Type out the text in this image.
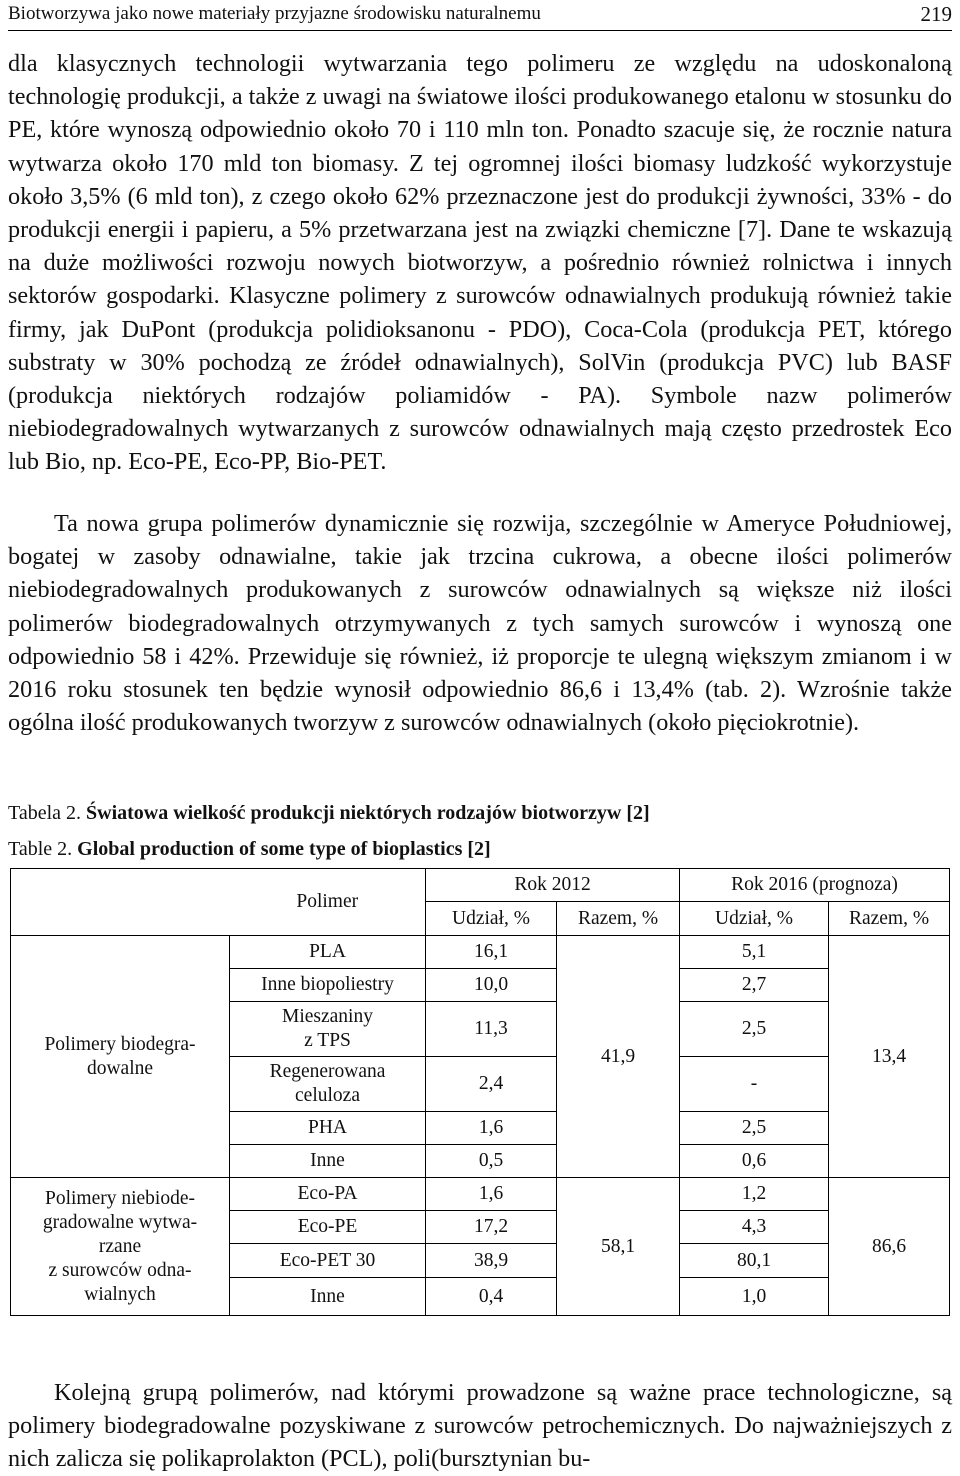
Biotworzywa jako nowe materiały przyjazne środowisku naturalnemu	219

dla klasycznych technologii wytwarzania tego polimeru ze względu na udoskonaloną technologię produkcji, a także z uwagi na światowe ilości produkowanego etalonu w stosunku do PE, które wynoszą odpowiednio około 70 i 110 mln ton. Ponadto szacuje się, że rocznie natura wytwarza około 170 mld ton biomasy. Z tej ogromnej ilości biomasy ludzkość wykorzystuje około 3,5% (6 mld ton), z czego około 62% przeznaczone jest do produkcji żywności, 33% - do produkcji energii i papieru, a 5% przetwarzana jest na związki chemiczne [7]. Dane te wskazują na duże możliwości rozwoju nowych biotworzyw, a pośrednio również rolnictwa i innych sektorów gospodarki. Klasyczne polimery z surowców odnawialnych produkują również takie firmy, jak DuPont (produkcja polidioksanonu - PDO), Coca-Cola (produkcja PET, którego substraty w 30% pochodzą ze źródeł odnawialnych), SolVin (produkcja PVC) lub BASF (produkcja niektórych rodzajów poliamidów - PA). Symbole nazw polimerów niebiodegradowalnych wytwarzanych z surowców odnawialnych mają często przedrostek Eco lub Bio, np. Eco-PE, Eco-PP, Bio-PET.

Ta nowa grupa polimerów dynamicznie się rozwija, szczególnie w Ameryce Południowej, bogatej w zasoby odnawialne, takie jak trzcina cukrowa, a obecne ilości polimerów niebiodegradowalnych produkowanych z surowców odnawialnych są większe niż ilości polimerów biodegradowalnych otrzymywanych z tych samych surowców i wynoszą one odpowiednio 58 i 42%. Przewiduje się również, iż proporcje te ulegną większym zmianom i w 2016 roku stosunek ten będzie wynosił odpowiednio 86,6 i 13,4% (tab. 2). Wzrośnie także ogólna ilość produkowanych tworzyw z surowców odnawialnych (około pięciokrotnie).

Tabela 2. Światowa wielkość produkcji niektórych rodzajów biotworzyw [2]
Table 2. Global production of some type of bioplastics [2]
	Polimer	Rok 2012		Rok 2016 (prognoza)	
		Udział, %	Razem, %	Udział, %	Razem, %
Polimery biodegra-
dowalne	PLA	16,1	41,9	5,1	13,4
	Inne biopoliestry	10,0		2,7	
	Mieszaniny
z TPS	11,3		2,5	
	Regenerowana
celuloza	2,4		-	
	PHA	1,6		2,5	
	Inne	0,5		0,6	
Polimery niebiode-
gradowalne wytwa-
rzane
z surowców odna-
wialnych	Eco-PA	1,6	58,1	1,2	86,6
	Eco-PE	17,2		4,3	
	Eco-PET 30	38,9		80,1	
	Inne	0,4		1,0	

Kolejną grupą polimerów, nad którymi prowadzone są ważne prace technologiczne, są polimery biodegradowalne pozyskiwane z surowców petrochemicznych. Do najważniejszych z nich zalicza się polikaprolakton (PCL), poli(bursztynian bu-
